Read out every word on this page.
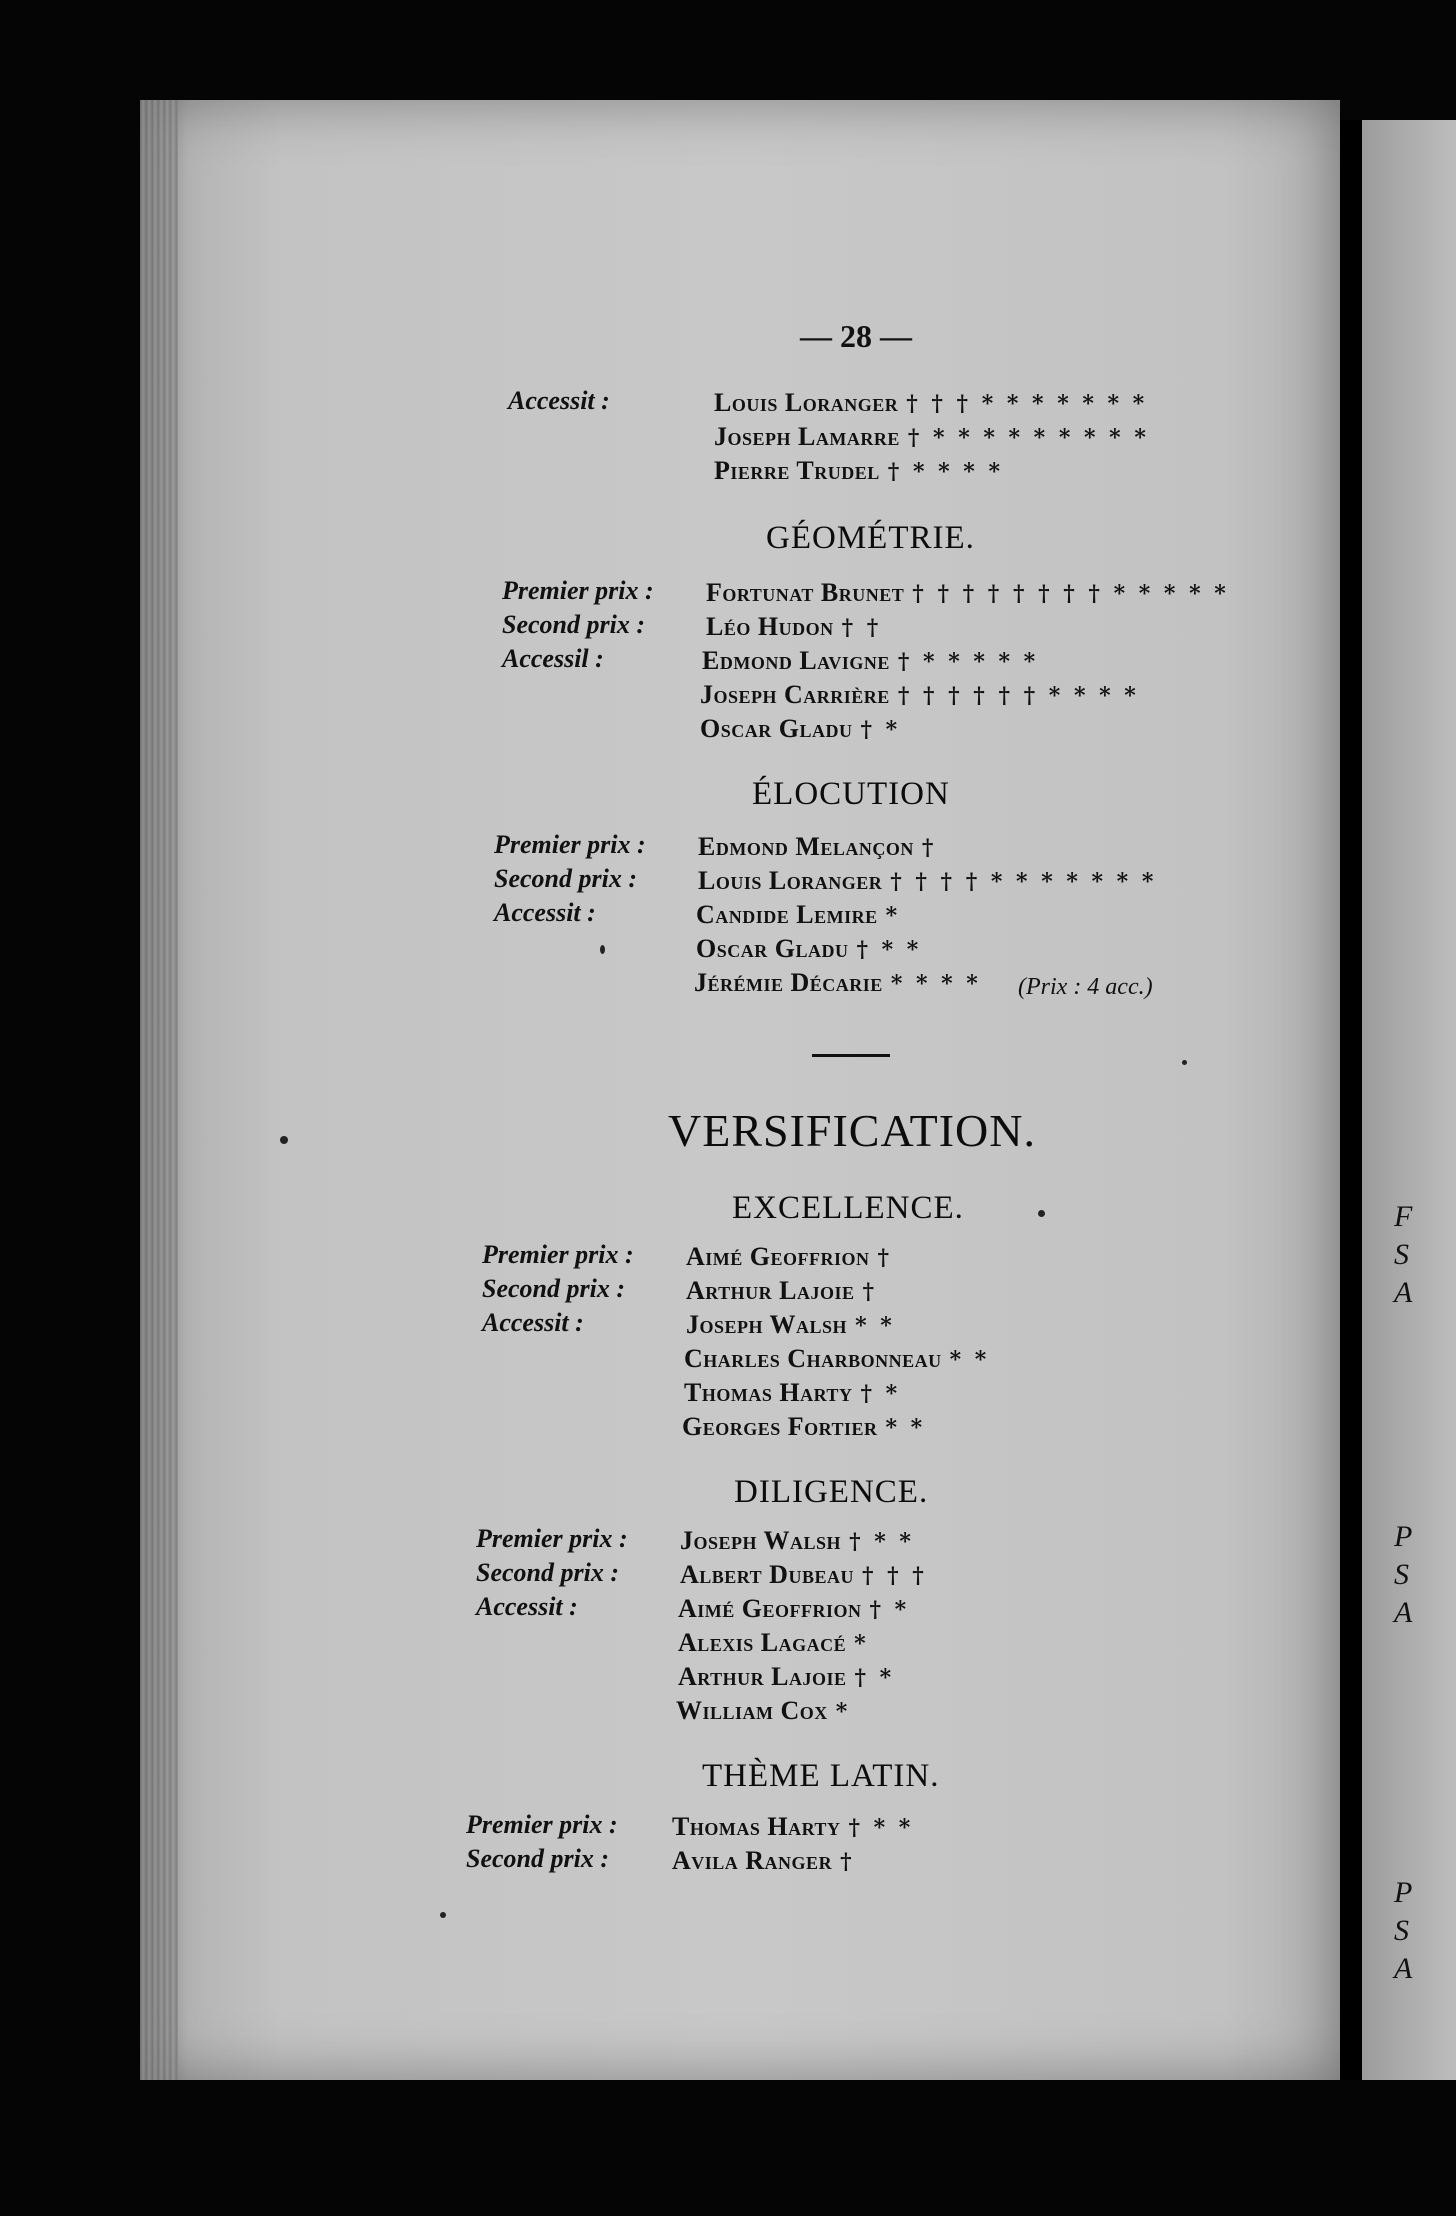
F
S
A
P
S
A
P
S
A
— 28 —
Accessit :	Louis Loranger † † † * * * * * * *
Joseph Lamarre † * * * * * * * * *
Pierre Trudel † * * * *
GÉOMÉTRIE.
Premier prix : Fortunat Brunet † † † † † † † † * * * * *
Second prix : Léo Hudon † †
Accessil :	Edmond Lavigne † * * * * *
Joseph Carrière † † † † † † * * * *
Oscar Gladu † *
ÉLOCUTION
Premier prix : Edmond Melançon †
Second prix : Louis Loranger † † † † * * * * * * *
Accessit :	Candide Lemire *
Oscar Gladu † * *
Jérémie Décarie * * * * (Prix : 4 acc.)
VERSIFICATION.
EXCELLENCE.
Premier prix : Aimé Geoffrion †
Second prix : Arthur Lajoie †
Accessit :	Joseph Walsh * *
Charles Charbonneau * *
Thomas Harty † *
Georges Fortier * *
DILIGENCE.
Premier prix : Joseph Walsh † * *
Second prix : Albert Dubeau † † †
Accessit :	Aimé Geoffrion † *
Alexis Lagacé *
Arthur Lajoie † *
William Cox *
THÈME LATIN.
Premier prix : Thomas Harty † * *
Second prix : Avila Ranger †
